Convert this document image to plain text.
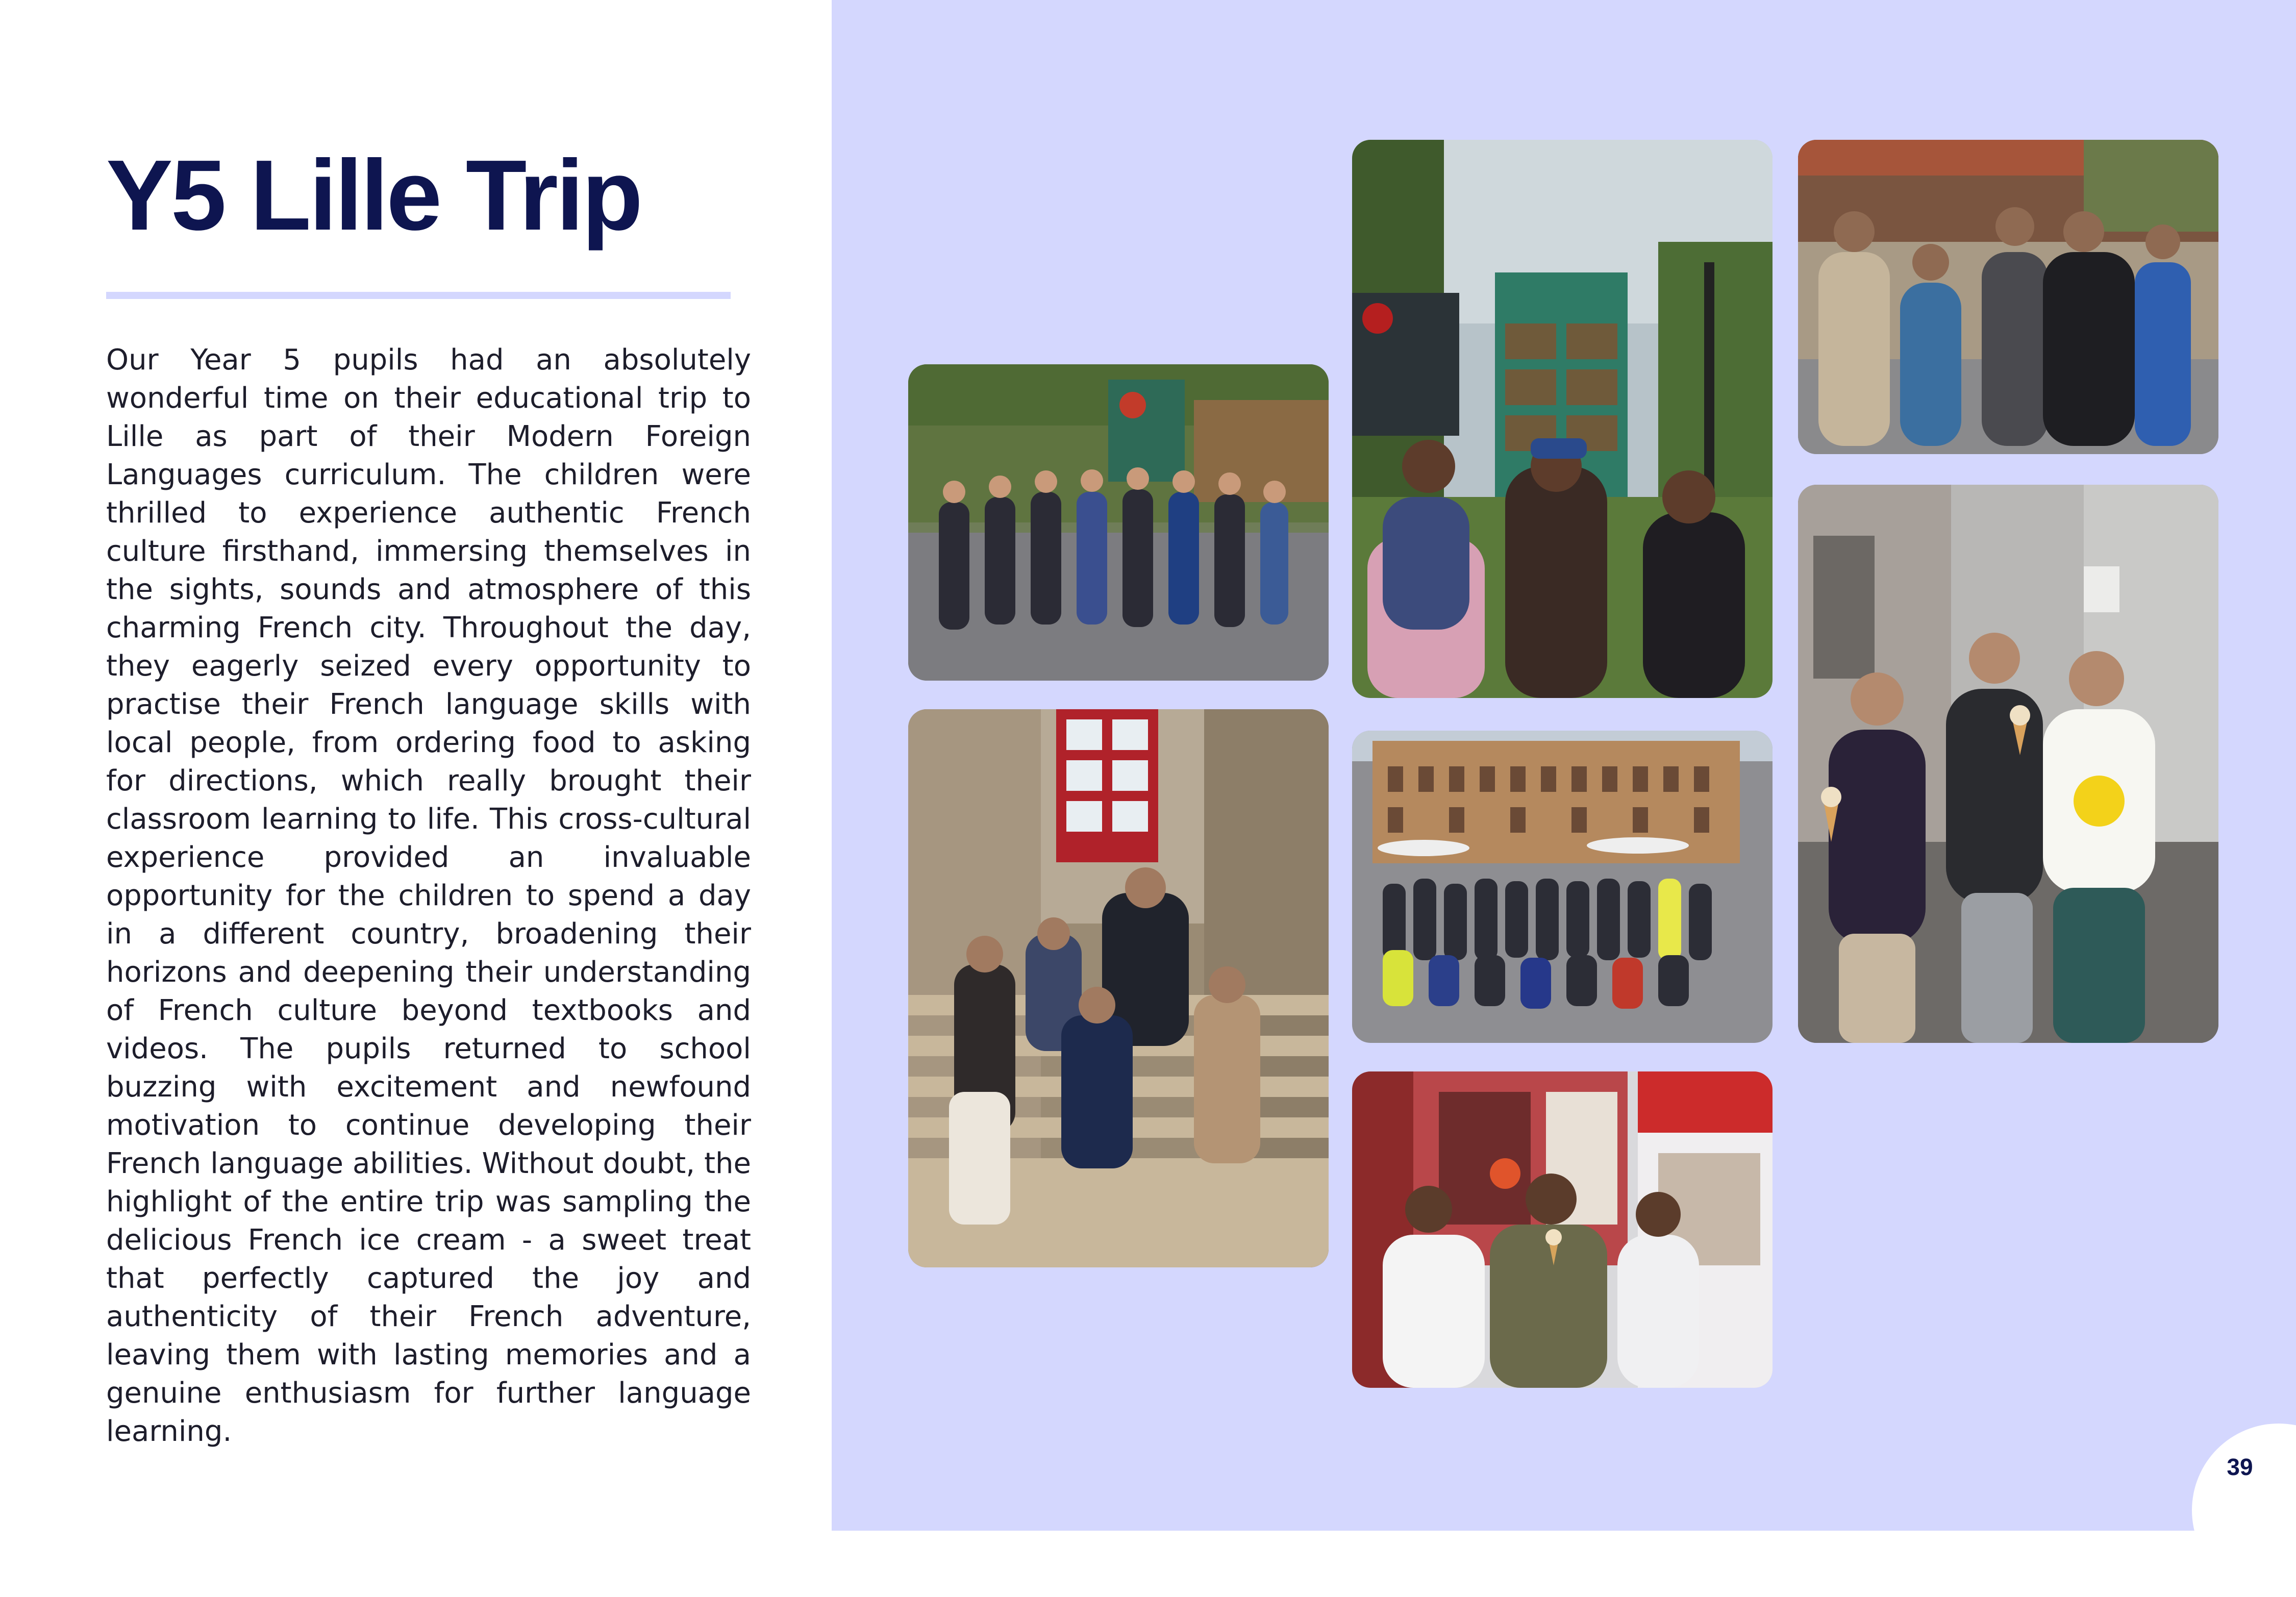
Y5 Lille Trip

Our Year 5 pupils had an absolutely wonderful time on their educational trip to Lille as part of their Modern Foreign Languages curriculum. The children were thrilled to experience authentic French culture firsthand, immersing themselves in the sights, sounds and atmosphere of this charming French city. Throughout the day, they eagerly seized every opportunity to practise their French language skills with local people, from ordering food to asking for directions, which really brought their classroom learning to life. This cross-cultural experience provided an invaluable opportunity for the children to spend a day in a different country, broadening their horizons and deepening their understanding of French culture beyond textbooks and videos. The pupils returned to school buzzing with excitement and newfound motivation to continue developing their French language abilities. Without doubt, the highlight of the entire trip was sampling the delicious French ice cream - a sweet treat that perfectly captured the joy and authenticity of their French adventure, leaving them with lasting memories and a genuine enthusiasm for further language learning.

39
